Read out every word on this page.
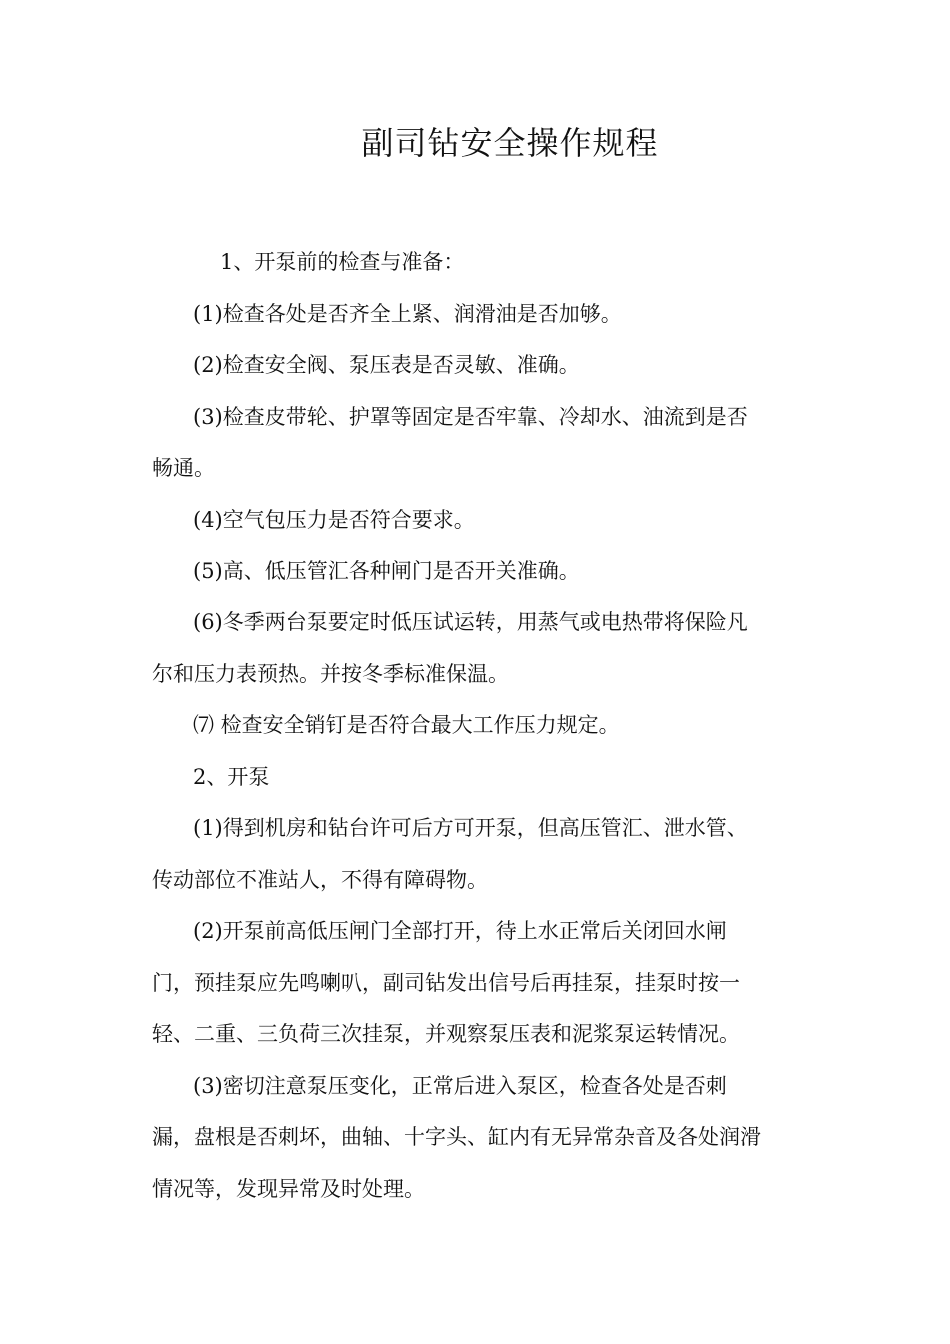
副司钻安全操作规程
1、开泵前的检查与准备：
(1)检查各处是否齐全上紧、润滑油是否加够。
(2)检查安全阀、泵压表是否灵敏、准确。
(3)检查皮带轮、护罩等固定是否牢靠、冷却水、油流到是否
畅通。
(4)空气包压力是否符合要求。
(5)高、低压管汇各种闸门是否开关准确。
(6)冬季两台泵要定时低压试运转，用蒸气或电热带将保险凡
尔和压力表预热。并按冬季标准保温。
⑺ 检查安全销钉是否符合最大工作压力规定。
2、开泵
(1)得到机房和钻台许可后方可开泵，但高压管汇、泄水管、
传动部位不准站人，不得有障碍物。
(2)开泵前高低压闸门全部打开，待上水正常后关闭回水闸
门，预挂泵应先鸣喇叭，副司钻发出信号后再挂泵，挂泵时按一
轻、二重、三负荷三次挂泵，并观察泵压表和泥浆泵运转情况。
(3)密切注意泵压变化，正常后进入泵区，检查各处是否刺
漏，盘根是否刺坏，曲轴、十字头、缸内有无异常杂音及各处润滑
情况等，发现异常及时处理。
